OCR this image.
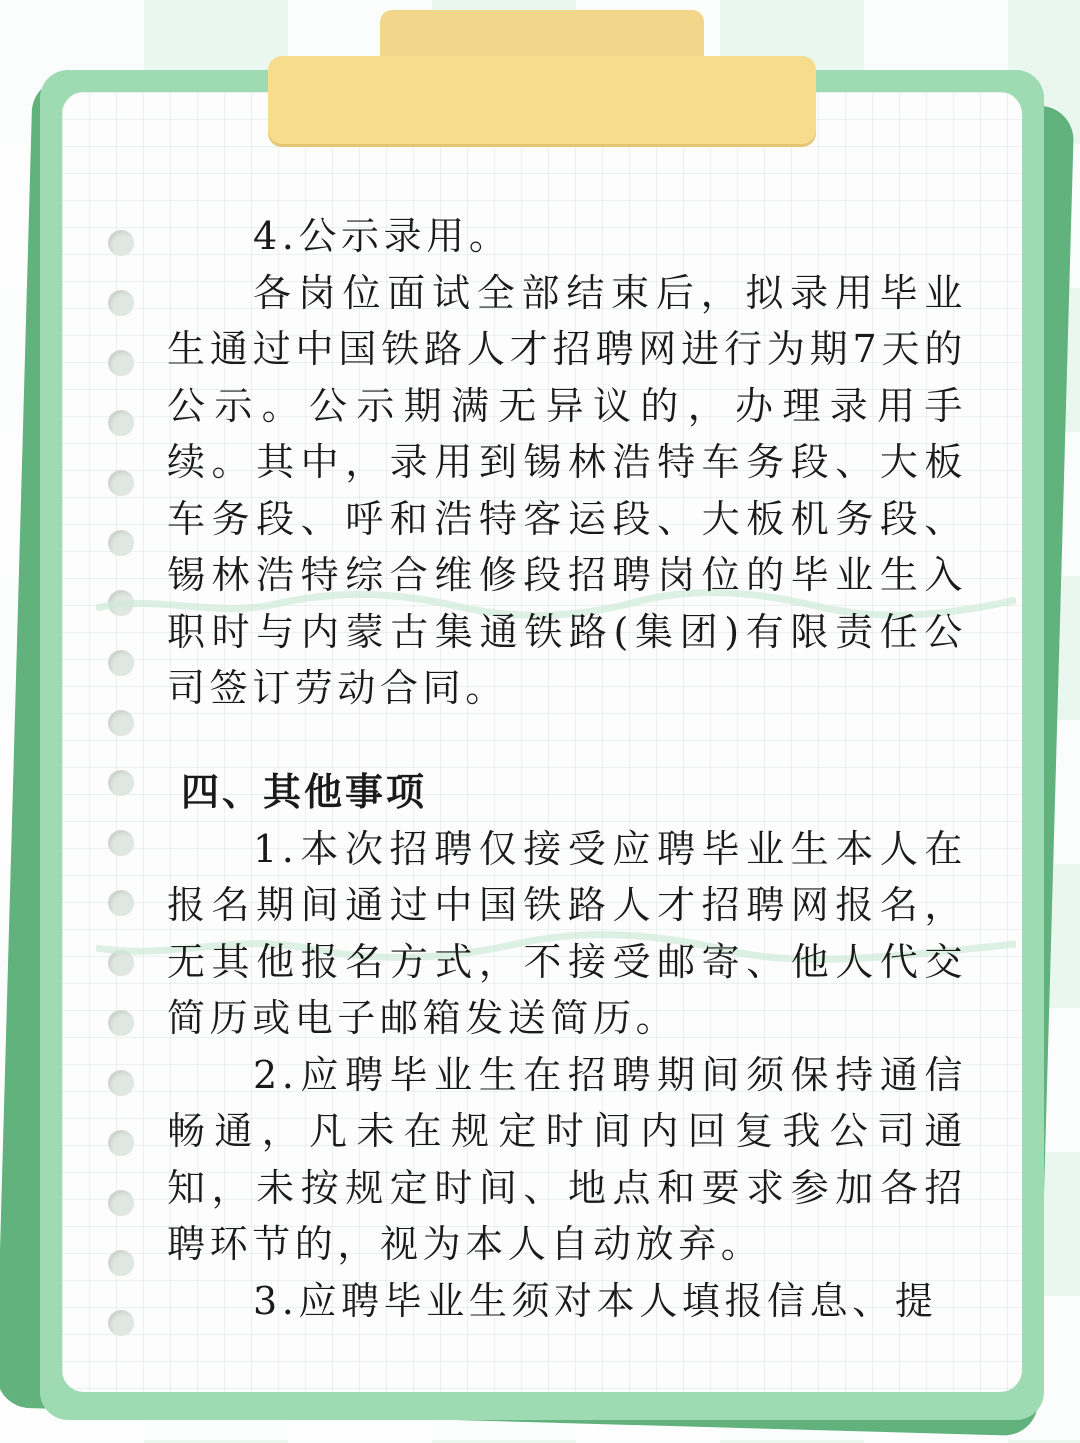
4.公示录用。

各岗位面试全部结束后，拟录用毕业生通过中国铁路人才招聘网进行为期7天的公示。公示期满无异议的，办理录用手续。其中，录用到锡林浩特车务段、大板车务段、呼和浩特客运段、大板机务段、锡林浩特综合维修段招聘岗位的毕业生入职时与内蒙古集通铁路(集团)有限责任公司签订劳动合同。

四、其他事项

1.本次招聘仅接受应聘毕业生本人在报名期间通过中国铁路人才招聘网报名，无其他报名方式，不接受邮寄、他人代交简历或电子邮箱发送简历。

2.应聘毕业生在招聘期间须保持通信畅通，凡未在规定时间内回复我公司通知，未按规定时间、地点和要求参加各招聘环节的，视为本人自动放弃。

3.应聘毕业生须对本人填报信息、提
